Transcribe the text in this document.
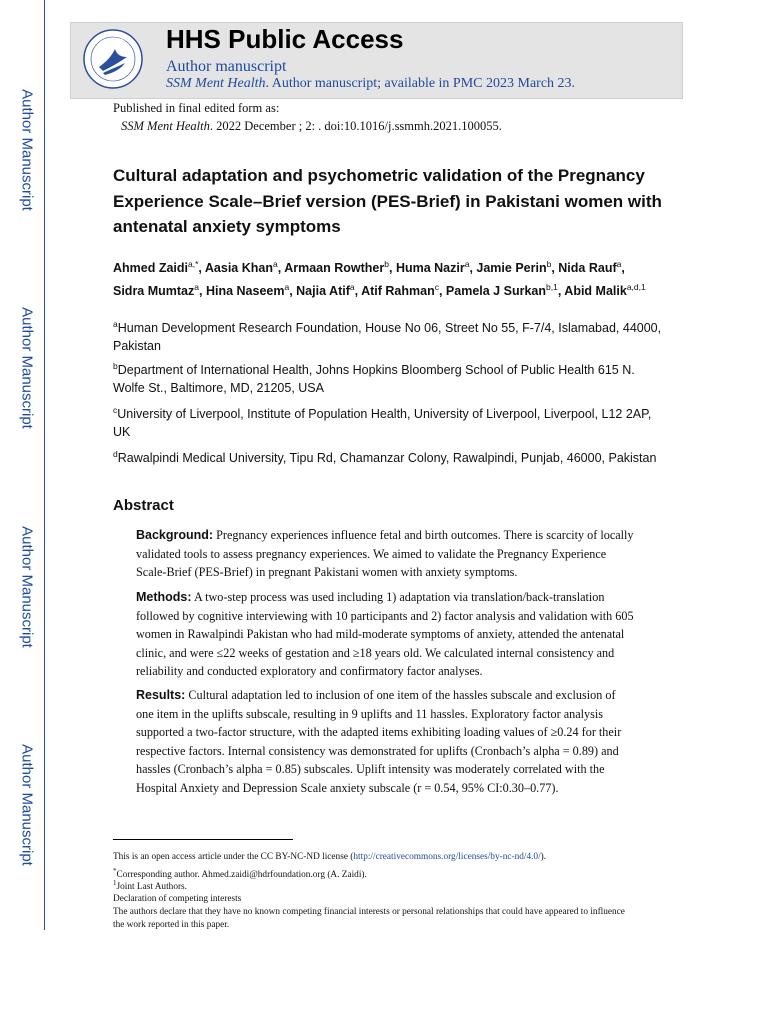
Author Manuscript
Author Manuscript
Author Manuscript
Author Manuscript
HHS Public Access
Author manuscript
SSM Ment Health. Author manuscript; available in PMC 2023 March 23.
Published in final edited form as:
SSM Ment Health. 2022 December ; 2: . doi:10.1016/j.ssmmh.2021.100055.
Cultural adaptation and psychometric validation of the Pregnancy Experience Scale–Brief version (PES-Brief) in Pakistani women with antenatal anxiety symptoms
Ahmed Zaidi$^{a,*}$, Aasia Khan$^a$, Armaan Rowther$^b$, Huma Nazir$^a$, Jamie Perin$^b$, Nida Rauf$^a$, Sidra Mumtaz$^a$, Hina Naseem$^a$, Najia Atif$^a$, Atif Rahman$^c$, Pamela J Surkan$^{b,1}$, Abid Malik$^{a,d,1}$
$^a$Human Development Research Foundation, House No 06, Street No 55, F-7/4, Islamabad, 44000, Pakistan
$^b$Department of International Health, Johns Hopkins Bloomberg School of Public Health 615 N. Wolfe St., Baltimore, MD, 21205, USA
$^c$University of Liverpool, Institute of Population Health, University of Liverpool, Liverpool, L12 2AP, UK
$^d$Rawalpindi Medical University, Tipu Rd, Chamanzar Colony, Rawalpindi, Punjab, 46000, Pakistan
Abstract
Background: Pregnancy experiences influence fetal and birth outcomes. There is scarcity of locally validated tools to assess pregnancy experiences. We aimed to validate the Pregnancy Experience Scale-Brief (PES-Brief) in pregnant Pakistani women with anxiety symptoms.
Methods: A two-step process was used including 1) adaptation via translation/back-translation followed by cognitive interviewing with 10 participants and 2) factor analysis and validation with 605 women in Rawalpindi Pakistan who had mild-moderate symptoms of anxiety, attended the antenatal clinic, and were ≤22 weeks of gestation and ≥18 years old. We calculated internal consistency and reliability and conducted exploratory and confirmatory factor analyses.
Results: Cultural adaptation led to inclusion of one item of the hassles subscale and exclusion of one item in the uplifts subscale, resulting in 9 uplifts and 11 hassles. Exploratory factor analysis supported a two-factor structure, with the adapted items exhibiting loading values of ≥0.24 for their respective factors. Internal consistency was demonstrated for uplifts (Cronbach’s alpha = 0.89) and hassles (Cronbach’s alpha = 0.85) subscales. Uplift intensity was moderately correlated with the Hospital Anxiety and Depression Scale anxiety subscale (r = 0.54, 95% CI:0.30–0.77).
This is an open access article under the CC BY-NC-ND license (http://creativecommons.org/licenses/by-nc-nd/4.0/).
*Corresponding author. Ahmed.zaidi@hdrfoundation.org (A. Zaidi).
$^1$Joint Last Authors.
Declaration of competing interests
The authors declare that they have no known competing financial interests or personal relationships that could have appeared to influence the work reported in this paper.
